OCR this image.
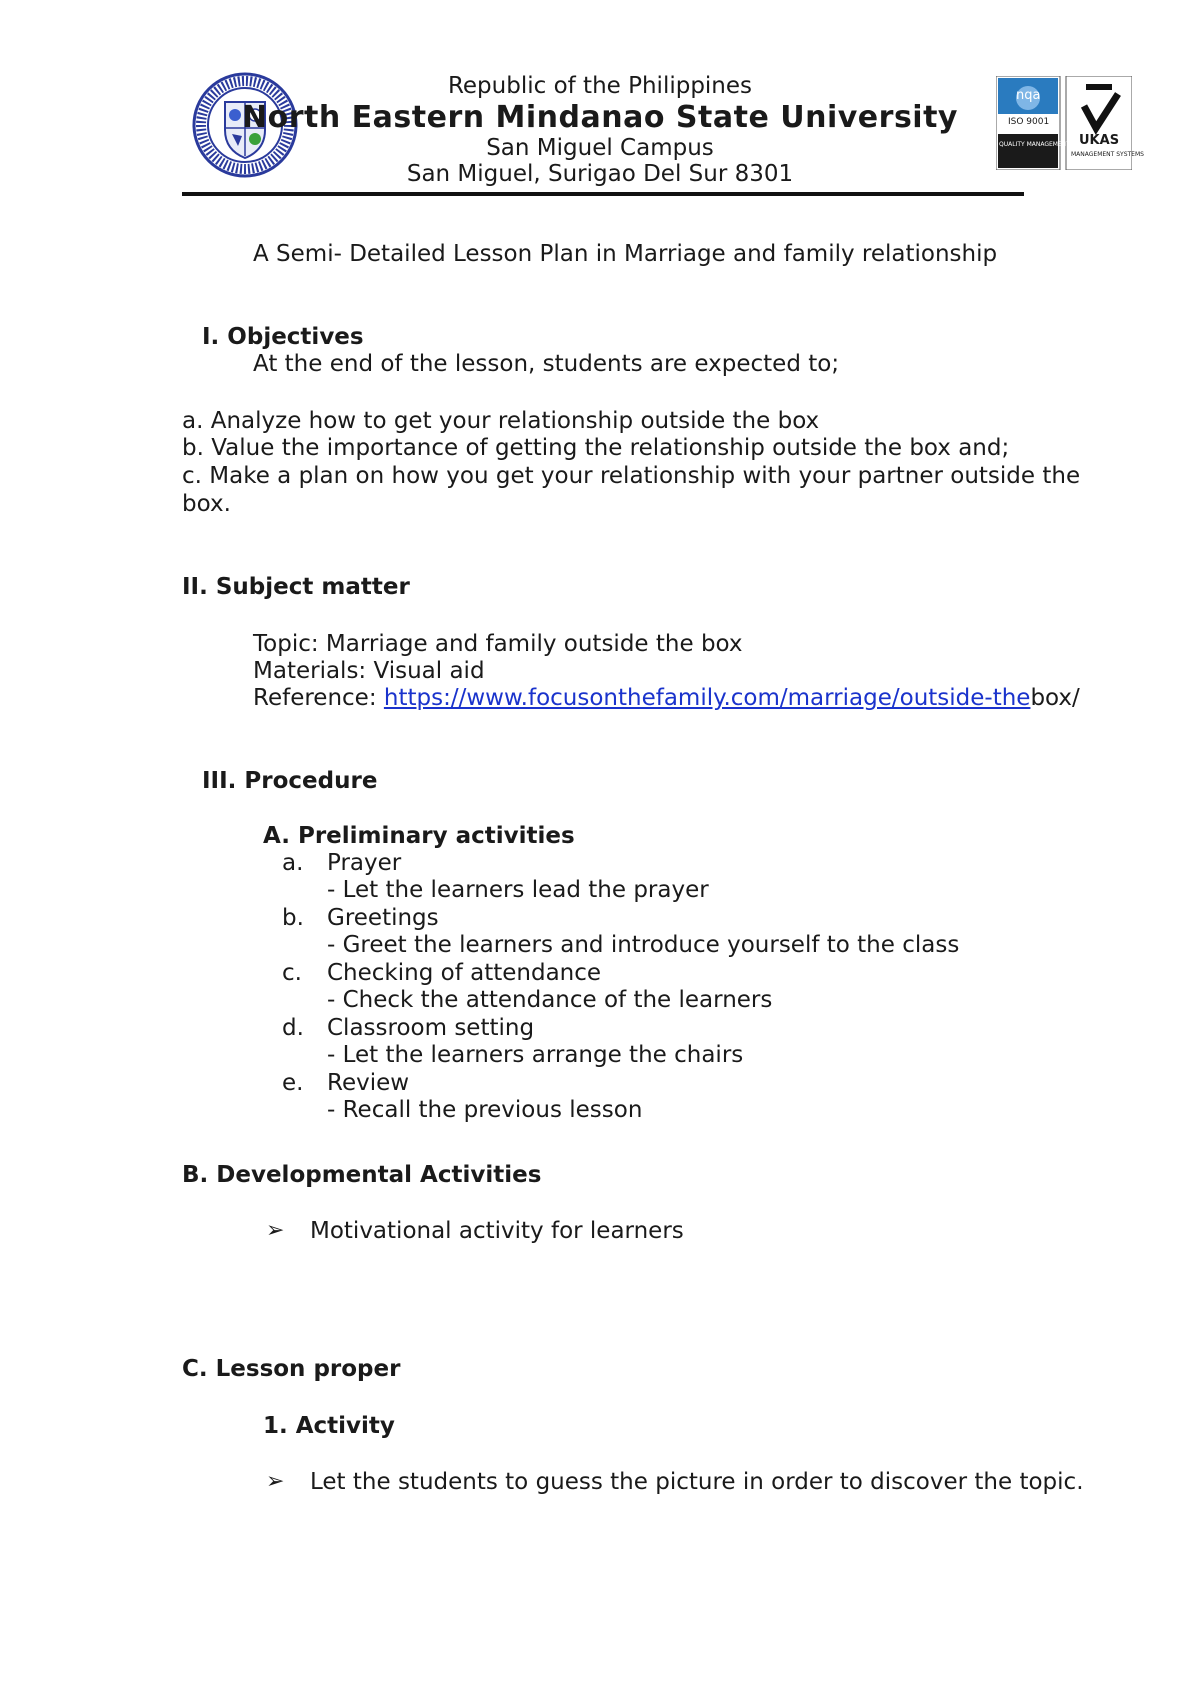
nqa
ISO 9001
QUALITY MANAGEMENT UKAS
MANAGEMENT SYSTEMS
Republic of the Philippines
North Eastern Mindanao State University
San Miguel Campus
San Miguel, Surigao Del Sur 8301
A Semi- Detailed Lesson Plan in Marriage and family relationship
I. Objectives
At the end of the lesson, students are expected to;
a. Analyze how to get your relationship outside the box
b. Value the importance of getting the relationship outside the box and;
c. Make a plan on how you get your relationship with your partner outside the
box.
II. Subject matter
Topic: Marriage and family outside the box
Materials: Visual aid
Reference: https://www.focusonthefamily.com/marriage/outside-thebox/
III. Procedure
A. Preliminary activities
a. Prayer
- Let the learners lead the prayer
b. Greetings
- Greet the learners and introduce yourself to the class
c. Checking of attendance
- Check the attendance of the learners
d. Classroom setting
- Let the learners arrange the chairs
e. Review
- Recall the previous lesson
B. Developmental Activities
➢ Motivational activity for learners
C. Lesson proper
1. Activity
➢ Let the students to guess the picture in order to discover the topic.
